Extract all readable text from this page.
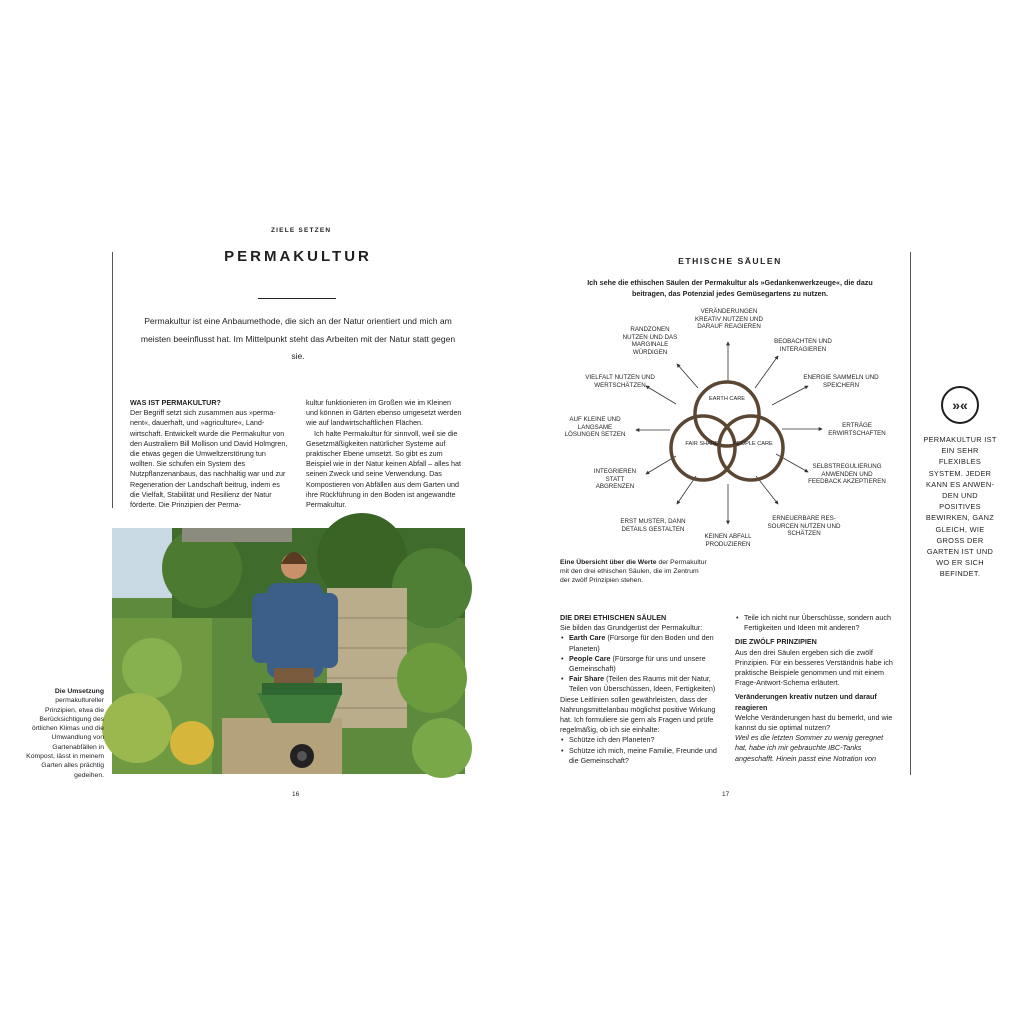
ZIELE SETZEN
PERMAKULTUR
Permakultur ist eine Anbaumethode, die sich an der Natur orientiert und mich am meisten beeinflusst hat. Im Mittelpunkt steht das Arbeiten mit der Natur statt gegen sie.

WAS IST PERMAKULTUR?

Der Begriff setzt sich zusammen aus »permanent«, dauerhaft, und »agriculture«, Landwirtschaft. Entwickelt wurde die Permakultur von den Australiern Bill Mollison und David Holmgren, die etwas gegen die Umweltzerstörung tun wollten. Sie schufen ein System des Nutzpflanzenanbaus, das nachhaltig war und zur Regeneration der Landschaft beitrug, indem es die Vielfalt, Stabilität und Resilienz der Natur förderte. Die Prinzipien der Perma-

kultur funktionieren im Großen wie im Kleinen und können in Gärten ebenso umgesetzt werden wie auf landwirtschaftlichen Flächen.

Ich halte Permakultur für sinnvoll, weil sie die Gesetzmäßigkeiten natürlicher Systeme auf praktischer Ebene umsetzt. So gibt es zum Beispiel wie in der Natur keinen Abfall – alles hat seinen Zweck und seine Verwendung. Das Kompostieren von Abfällen aus dem Garten und ihre Rückführung in den Boden ist angewandte Permakultur.

Die Umsetzung
permakultureller Prinzipien, etwa die Berücksichtigung des örtlichen Klimas und die Umwandlung von Gartenabfällen in Kompost, lässt in meinem Garten alles prächtig gedeihen.
16
ETHISCHE SÄULEN
Ich sehe die ethischen Säulen der Permakultur als »Gedankenwerkzeuge«, die dazu beitragen, das Potenzial jedes Gemüsegartens zu nutzen.
EARTH CARE
FAIR SHARE	PEOPLE CARE
VERÄNDERUNGEN KREATIV NUTZEN UND DARAUF REAGIEREN
BEOBACHTEN UND INTERAGIEREN
ENERGIE SAMMELN UND SPEICHERN
ERTRÄGE ERWIRTSCHAFTEN
SELBSTREGULIERUNG ANWENDEN UND FEEDBACK AKZEPTIEREN
ERNEUERBARE RESSOURCEN NUTZEN UND SCHÄTZEN
KEINEN ABFALL PRODUZIEREN
ERST MUSTER, DANN DETAILS GESTALTEN
INTEGRIEREN STATT ABGRENZEN
AUF KLEINE UND LANGSAME LÖSUNGEN SETZEN
VIELFALT NUTZEN UND WERTSCHÄTZEN
RANDZONEN NUTZEN UND DAS MARGINALE WÜRDIGEN
Eine Übersicht über die Werte der Permakultur mit den drei ethischen Säulen, die im Zentrum der zwölf Prinzipien stehen.

DIE DREI ETHISCHEN SÄULEN

Sie bilden das Grundgerüst der Permakultur:

• Earth Care (Fürsorge für den Boden und den Planeten)
• People Care (Fürsorge für uns und unsere Gemeinschaft)
• Fair Share (Teilen des Raums mit der Natur, Teilen von Überschüssen, Ideen, Fertigkeiten)

Diese Leitlinien sollen gewährleisten, dass der Nahrungsmittelanbau möglichst positive Wirkung hat. Ich formuliere sie gern als Fragen und prüfe regelmäßig, ob ich sie einhalte:

• Schütze ich den Planeten?
• Schütze ich mich, meine Familie, Freunde und die Gemeinschaft?
• Teile ich nicht nur Überschüsse, sondern auch Fertigkeiten und Ideen mit anderen?

DIE ZWÖLF PRINZIPIEN

Aus den drei Säulen ergeben sich die zwölf Prinzipien. Für ein besseres Verständnis habe ich praktische Beispiele genommen und mit einem Frage-Antwort-Schema erläutert.

Veränderungen kreativ nutzen und darauf reagieren

Welche Veränderungen hast du bemerkt, und wie kannst du sie optimal nutzen?

Weil es die letzten Sommer zu wenig geregnet hat, habe ich mir gebrauchte IBC-Tanks angeschafft. Hinein passt eine Notration von

17
»«
PERMAKULTUR IST EIN SEHR FLEXIBLES SYSTEM. JEDER KANN ES ANWENDEN UND POSITIVES BEWIRKEN, GANZ GLEICH, WIE GROSS DER GARTEN IST UND WO ER SICH BEFINDET.
